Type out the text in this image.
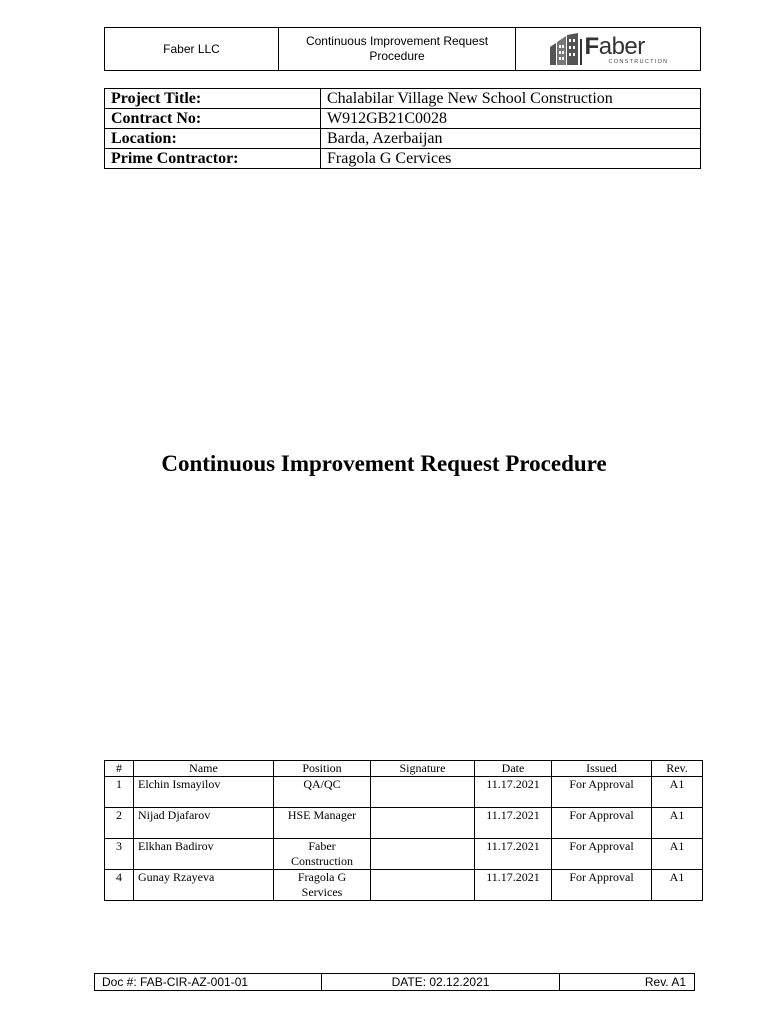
Faber LLC
Continuous Improvement Request Procedure	Faber
CONSTRUCTION
Project Title:	Chalabilar Village New School Construction
Contract No:	W912GB21C0028
Location:	Barda, Azerbaijan
Prime Contractor:	Fragola G Cervices
Continuous Improvement Request Procedure
#	Name	Position	Signature	Date	Issued	Rev.
1	Elchin Ismayilov	QA/QC		11.17.2021	For Approval	A1
2	Nijad Djafarov	HSE Manager		11.17.2021	For Approval	A1
3	Elkhan Badirov	Faber Construction		11.17.2021	For Approval	A1
4	Gunay Rzayeva	Fragola G Services		11.17.2021	For Approval	A1
Doc #: FAB-CIR-AZ-001-01	DATE: 02.12.2021	Rev. A1
